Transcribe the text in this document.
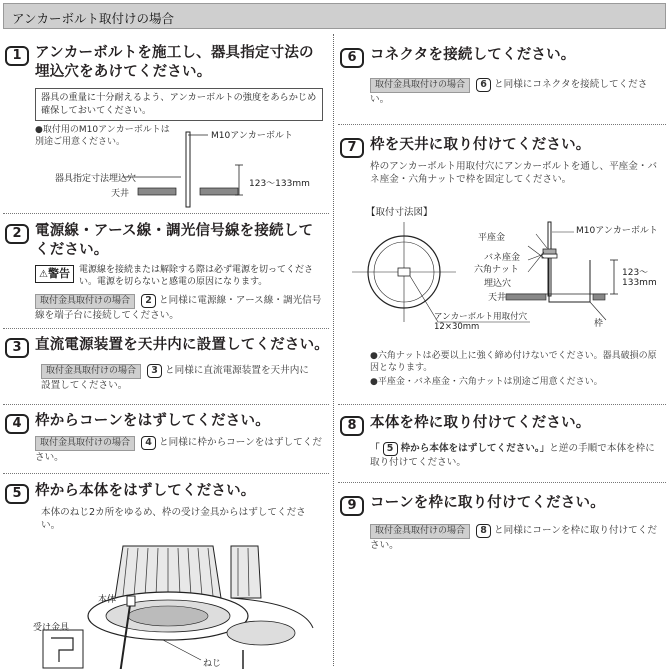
アンカーボルト取付けの場合
1 アンカーボルトを施工し、器具指定寸法の
埋込穴をあけてください。
器具の重量に十分耐えるよう、アンカーボルトの強度をあらかじめ確保しておいてください。
●取付用のM10アンカーボルトは別途ご用意ください。
M10アンカーボルト
器具指定寸法埋込穴
天井
123〜133mm
2 電源線・アース線・調光信号線を接続して
ください。
⚠警告	電源線を接続または解除する際は必ず電源を切ってください。電源を切らないと感電の原因になります。
取付金具取付けの場合 2 と同様に電源線・アース線・調光信号線を端子台に接続してください。
3 直流電源装置を天井内に設置してください。
取付金具取付けの場合 3 と同様に直流電源装置を天井内に設置してください。
4 枠からコーンをはずしてください。
取付金具取付けの場合 4 と同様に枠からコーンをはずしてください。
5 枠から本体をはずしてください。
本体のねじ2カ所をゆるめ、枠の受け金具からはずしてください。
本体
受け金具
ねじ
6 コネクタを接続してください。
取付金具取付けの場合 6 と同様にコネクタを接続してください。
7 枠を天井に取り付けてください。
枠のアンカーボルト用取付穴にアンカーボルトを通し、平座金・バネ座金・六角ナットで枠を固定してください。
【取付寸法図】
平座金
M10アンカーボルト
バネ座金
六角ナット
埋込穴
天井
123〜133mm
枠
アンカーボルト用取付穴
12×30mm
●六角ナットは必要以上に強く締め付けないでください。器具破損の原因となります。
●平座金・バネ座金・六角ナットは別途ご用意ください。
8 本体を枠に取り付けてください。
「 5 枠から本体をはずしてください。」と逆の手順で本体を枠に取り付けてください。
9 コーンを枠に取り付けてください。
取付金具取付けの場合 8 と同様にコーンを枠に取り付けてください。
